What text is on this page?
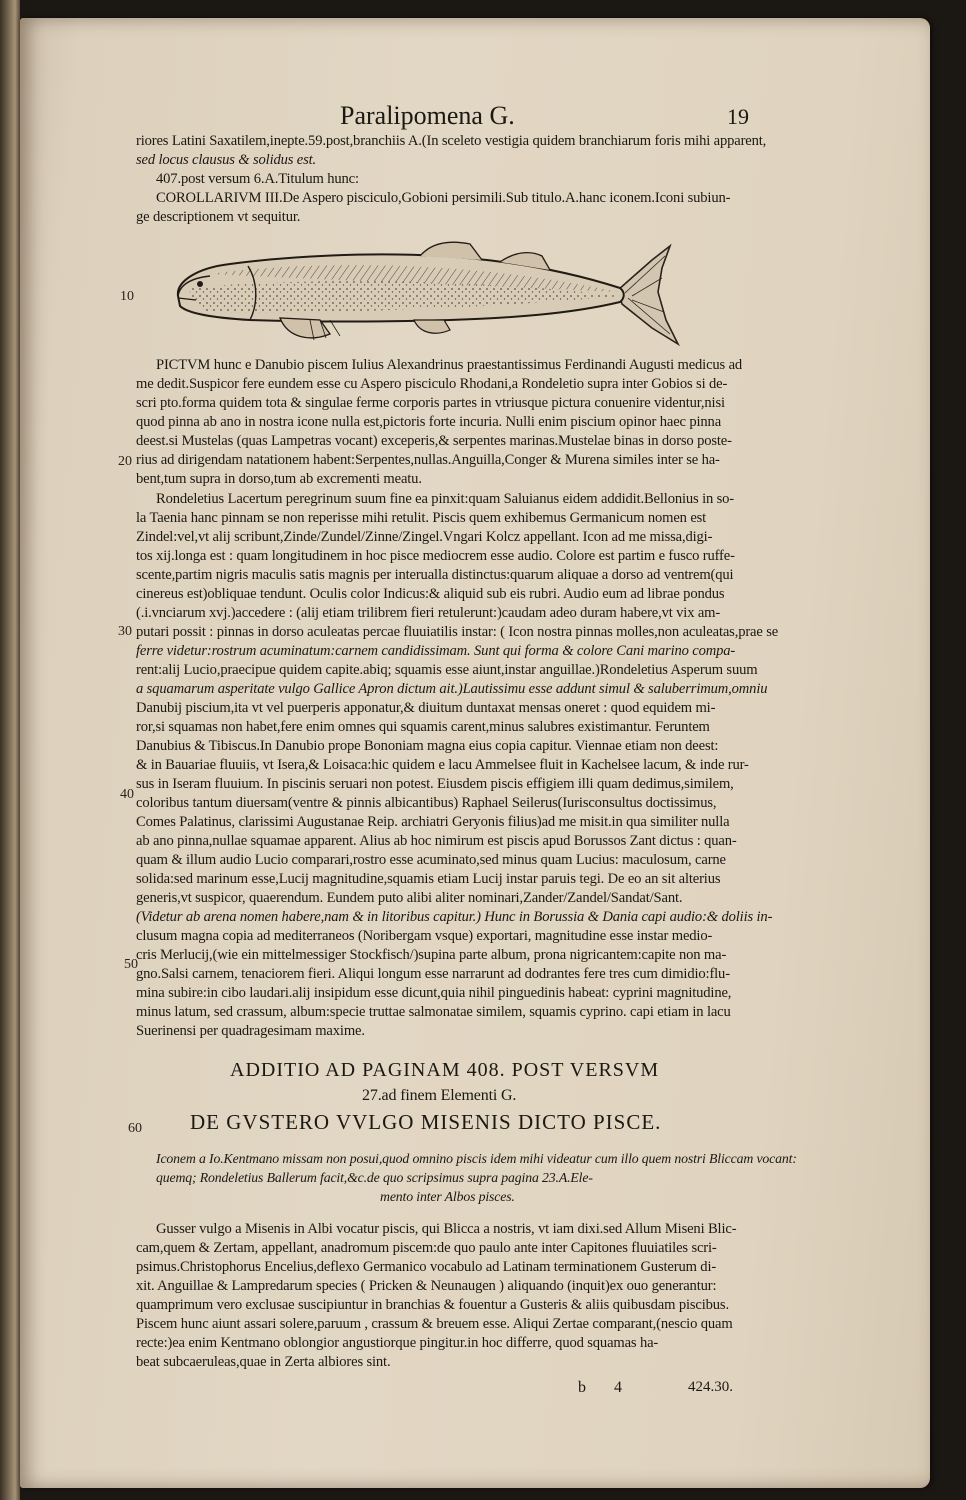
Paralipomena G.	19
riores Latini Saxatilem,inepte.59.post,branchiis A.(In sceleto vestigia quidem branchiarum foris mihi apparent,
sed locus clausus & solidus est.
407.post versum 6.A.Titulum hunc:
COROLLARIVM III.De Aspero pisciculo,Gobioni persimili.Sub titulo.A.hanc iconem.Iconi subiun-
ge descriptionem vt sequitur.
PICTVM hunc e Danubio piscem Iulius Alexandrinus praestantissimus Ferdinandi Augusti medicus ad
me dedit.Suspicor fere eundem esse cu Aspero pisciculo Rhodani,a Rondeletio supra inter Gobios si de-
scri pto.forma quidem tota & singulae ferme corporis partes in vtriusque pictura conuenire videntur,nisi
quod pinna ab ano in nostra icone nulla est,pictoris forte incuria. Nulli enim piscium opinor haec pinna
deest.si Mustelas (quas Lampetras vocant) exceperis,& serpentes marinas.Mustelae binas in dorso poste-
rius ad dirigendam natationem habent:Serpentes,nullas.Anguilla,Conger & Murena similes inter se ha-
bent,tum supra in dorso,tum ab excrementi meatu.
Rondeletius Lacertum peregrinum suum fine ea pinxit:quam Saluianus eidem addidit.Bellonius in so-
la Taenia hanc pinnam se non reperisse mihi retulit. Piscis quem exhibemus Germanicum nomen est
Zindel:vel,vt alij scribunt,Zinde/Zundel/Zinne/Zingel.Vngari Kolcz appellant. Icon ad me missa,digi-
tos xij.longa est : quam longitudinem in hoc pisce mediocrem esse audio. Colore est partim e fusco ruffe-
scente,partim nigris maculis satis magnis per interualla distinctus:quarum aliquae a dorso ad ventrem(qui
cinereus est)obliquae tendunt. Oculis color Indicus:& aliquid sub eis rubri. Audio eum ad librae pondus
(.i.vnciarum xvj.)accedere : (alij etiam trilibrem fieri retulerunt:)caudam adeo duram habere,vt vix am-
putari possit : pinnas in dorso aculeatas percae fluuiatilis instar: ( Icon nostra pinnas molles,non aculeatas,prae se
ferre videtur:rostrum acuminatum:carnem candidissimam. Sunt qui forma & colore Cani marino compa-
rent:alij Lucio,praecipue quidem capite.abiq; squamis esse aiunt,instar anguillae.)Rondeletius Asperum suum
a squamarum asperitate vulgo Gallice Apron dictum ait.)Lautissimu esse addunt simul & saluberrimum,omniu
Danubij piscium,ita vt vel puerperis apponatur,& diuitum duntaxat mensas oneret : quod equidem mi-
ror,si squamas non habet,fere enim omnes qui squamis carent,minus salubres existimantur. Feruntem
Danubius & Tibiscus.In Danubio prope Bononiam magna eius copia capitur. Viennae etiam non deest:
& in Bauariae fluuiis, vt Isera,& Loisaca:hic quidem e lacu Ammelsee fluit in Kachelsee lacum, & inde rur-
sus in Iseram fluuium. In piscinis seruari non potest. Eiusdem piscis effigiem illi quam dedimus,similem,
coloribus tantum diuersam(ventre & pinnis albicantibus) Raphael Seilerus(Iurisconsultus doctissimus,
Comes Palatinus, clarissimi Augustanae Reip. archiatri Geryonis filius)ad me misit.in qua similiter nulla
ab ano pinna,nullae squamae apparent. Alius ab hoc nimirum est piscis apud Borussos Zant dictus : quan-
quam & illum audio Lucio comparari,rostro esse acuminato,sed minus quam Lucius: maculosum, carne
solida:sed marinum esse,Lucij magnitudine,squamis etiam Lucij instar paruis tegi. De eo an sit alterius
generis,vt suspicor, quaerendum. Eundem puto alibi aliter nominari,Zander/Zandel/Sandat/Sant.
(Videtur ab arena nomen habere,nam & in litoribus capitur.) Hunc in Borussia & Dania capi audio:& doliis in-
clusum magna copia ad mediterraneos (Noribergam vsque) exportari, magnitudine esse instar medio-
cris Merlucij,(wie ein mittelmessiger Stockfisch/)supina parte album, prona nigricantem:capite non ma-
gno.Salsi carnem, tenaciorem fieri. Aliqui longum esse narrarunt ad dodrantes fere tres cum dimidio:flu-
mina subire:in cibo laudari.alij insipidum esse dicunt,quia nihil pinguedinis habeat: cyprini magnitudine,
minus latum, sed crassum, album:specie truttae salmonatae similem, squamis cyprino. capi etiam in lacu
Suerinensi per quadragesimam maxime.
ADDITIO AD PAGINAM 408. POST VERSVM
27.ad finem Elementi G.
DE GVSTERO VVLGO MISENIS DICTO PISCE.
Iconem a Io.Kentmano missam non posui,quod omnino piscis idem mihi videatur cum illo quem nostri Bliccam vocant:
quemq; Rondeletius Ballerum facit,&c.de quo scripsimus supra pagina 23.A.Ele-
mento inter Albos pisces.
Gusser vulgo a Misenis in Albi vocatur piscis, qui Blicca a nostris, vt iam dixi.sed Allum Miseni Blic-
cam,quem & Zertam, appellant, anadromum piscem:de quo paulo ante inter Capitones fluuiatiles scri-
psimus.Christophorus Encelius,deflexo Germanico vocabulo ad Latinam terminationem Gusterum di-
xit. Anguillae & Lampredarum species ( Pricken & Neunaugen ) aliquando (inquit)ex ouo generantur:
quamprimum vero exclusae suscipiuntur in branchias & fouentur a Gusteris & aliis quibusdam piscibus.
Piscem hunc aiunt assari solere,paruum , crassum & breuem esse. Aliqui Zertae comparant,(nescio quam
recte:)ea enim Kentmano oblongior angustiorque pingitur.in hoc differre, quod squamas ha-
beat subcaeruleas,quae in Zerta albiores sint.
10
20
30
40
50
60
b 4	424.30.
